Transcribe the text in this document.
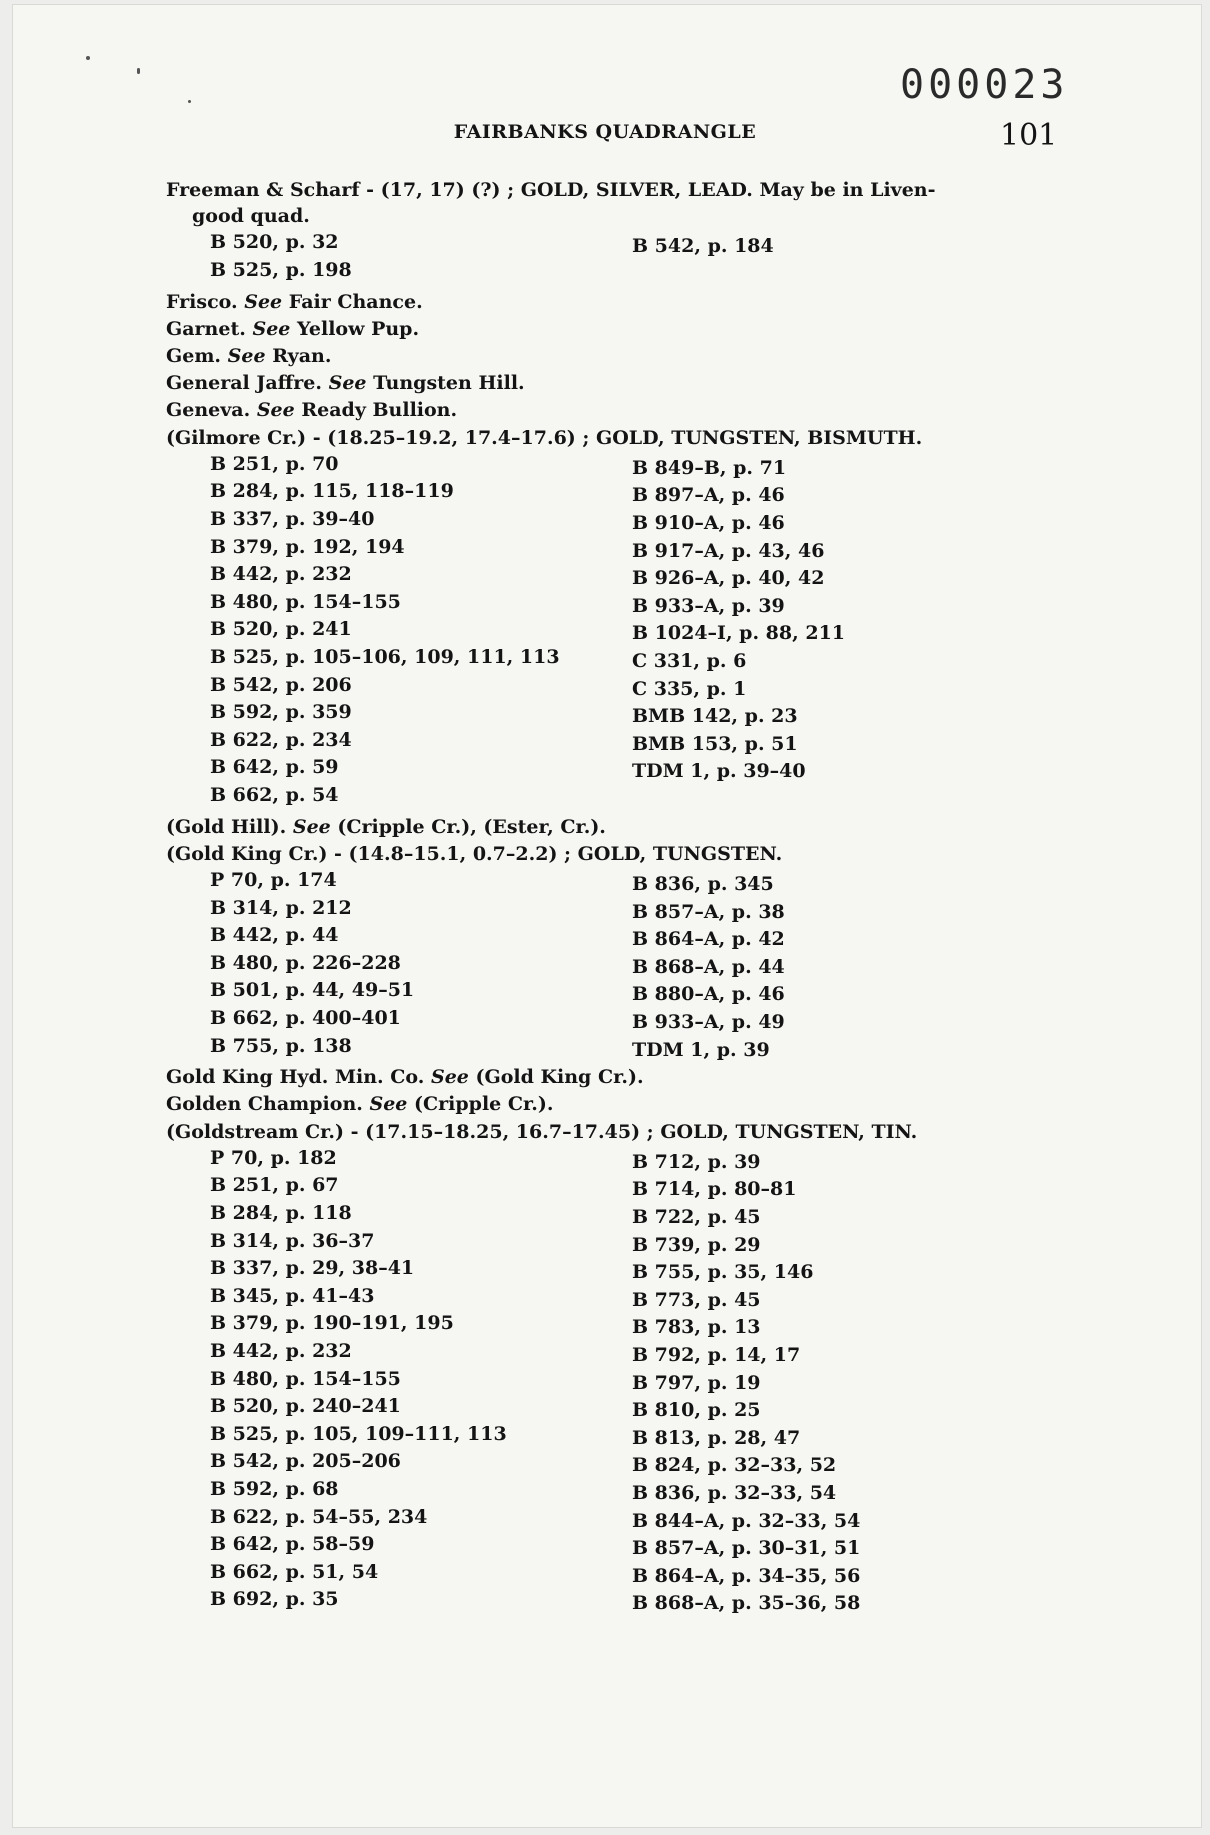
000023
FAIRBANKS QUADRANGLE	101
Freeman & Scharf - (17, 17) (?) ; GOLD, SILVER, LEAD. May be in Liven-
good quad.
B 520, p. 32
B 525, p. 198
B 542, p. 184
Frisco. See Fair Chance.
Garnet. See Yellow Pup.
Gem. See Ryan.
General Jaffre. See Tungsten Hill.
Geneva. See Ready Bullion.
(Gilmore Cr.) - (18.25–19.2, 17.4–17.6) ; GOLD, TUNGSTEN, BISMUTH.
B 251, p. 70
B 284, p. 115, 118–119
B 337, p. 39–40
B 379, p. 192, 194
B 442, p. 232
B 480, p. 154–155
B 520, p. 241
B 525, p. 105–106, 109, 111, 113
B 542, p. 206
B 592, p. 359
B 622, p. 234
B 642, p. 59
B 662, p. 54
B 849–B, p. 71
B 897–A, p. 46
B 910–A, p. 46
B 917–A, p. 43, 46
B 926–A, p. 40, 42
B 933–A, p. 39
B 1024–I, p. 88, 211
C 331, p. 6
C 335, p. 1
BMB 142, p. 23
BMB 153, p. 51
TDM 1, p. 39–40
(Gold Hill). See (Cripple Cr.), (Ester, Cr.).
(Gold King Cr.) - (14.8–15.1, 0.7–2.2) ; GOLD, TUNGSTEN.
P 70, p. 174
B 314, p. 212
B 442, p. 44
B 480, p. 226–228
B 501, p. 44, 49–51
B 662, p. 400–401
B 755, p. 138
B 836, p. 345
B 857–A, p. 38
B 864–A, p. 42
B 868–A, p. 44
B 880–A, p. 46
B 933–A, p. 49
TDM 1, p. 39
Gold King Hyd. Min. Co. See (Gold King Cr.).
Golden Champion. See (Cripple Cr.).
(Goldstream Cr.) - (17.15–18.25, 16.7–17.45) ; GOLD, TUNGSTEN, TIN.
P 70, p. 182
B 251, p. 67
B 284, p. 118
B 314, p. 36–37
B 337, p. 29, 38–41
B 345, p. 41–43
B 379, p. 190–191, 195
B 442, p. 232
B 480, p. 154–155
B 520, p. 240–241
B 525, p. 105, 109–111, 113
B 542, p. 205–206
B 592, p. 68
B 622, p. 54–55, 234
B 642, p. 58–59
B 662, p. 51, 54
B 692, p. 35
B 712, p. 39
B 714, p. 80–81
B 722, p. 45
B 739, p. 29
B 755, p. 35, 146
B 773, p. 45
B 783, p. 13
B 792, p. 14, 17
B 797, p. 19
B 810, p. 25
B 813, p. 28, 47
B 824, p. 32–33, 52
B 836, p. 32–33, 54
B 844–A, p. 32–33, 54
B 857–A, p. 30–31, 51
B 864–A, p. 34–35, 56
B 868–A, p. 35–36, 58
